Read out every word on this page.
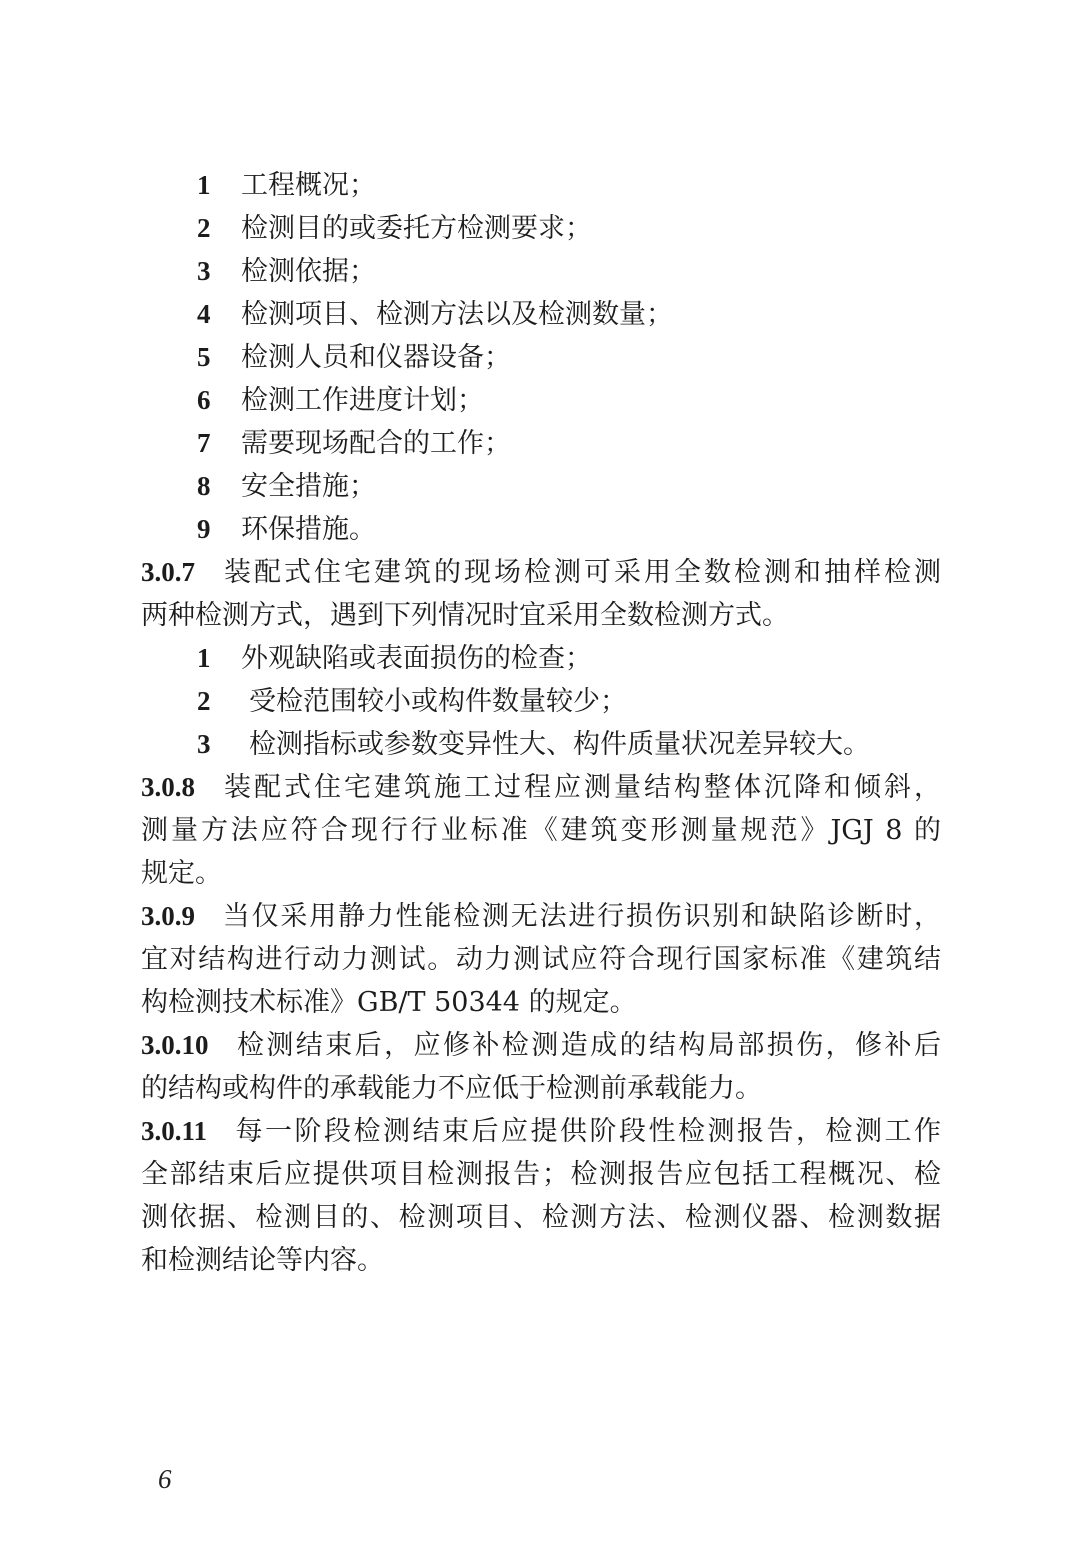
1 工程概况；
2 检测目的或委托方检测要求；
3 检测依据；
4 检测项目、检测方法以及检测数量；
5 检测人员和仪器设备；
6 检测工作进度计划；
7 需要现场配合的工作；
8 安全措施；
9 环保措施。
3.0.7 装配式住宅建筑的现场检测可采用全数检测和抽样检测
两种检测方式，遇到下列情况时宜采用全数检测方式。
1 外观缺陷或表面损伤的检查；
2 受检范围较小或构件数量较少；
3 检测指标或参数变异性大、构件质量状况差异较大。
3.0.8 装配式住宅建筑施工过程应测量结构整体沉降和倾斜，
测量方法应符合现行行业标准《建筑变形测量规范》JGJ 8 的
规定。
3.0.9 当仅采用静力性能检测无法进行损伤识别和缺陷诊断时，
宜对结构进行动力测试。动力测试应符合现行国家标准《建筑结
构检测技术标准》GB/T 50344 的规定。
3.0.10 检测结束后，应修补检测造成的结构局部损伤，修补后
的结构或构件的承载能力不应低于检测前承载能力。
3.0.11 每一阶段检测结束后应提供阶段性检测报告，检测工作
全部结束后应提供项目检测报告；检测报告应包括工程概况、检
测依据、检测目的、检测项目、检测方法、检测仪器、检测数据
和检测结论等内容。
6
